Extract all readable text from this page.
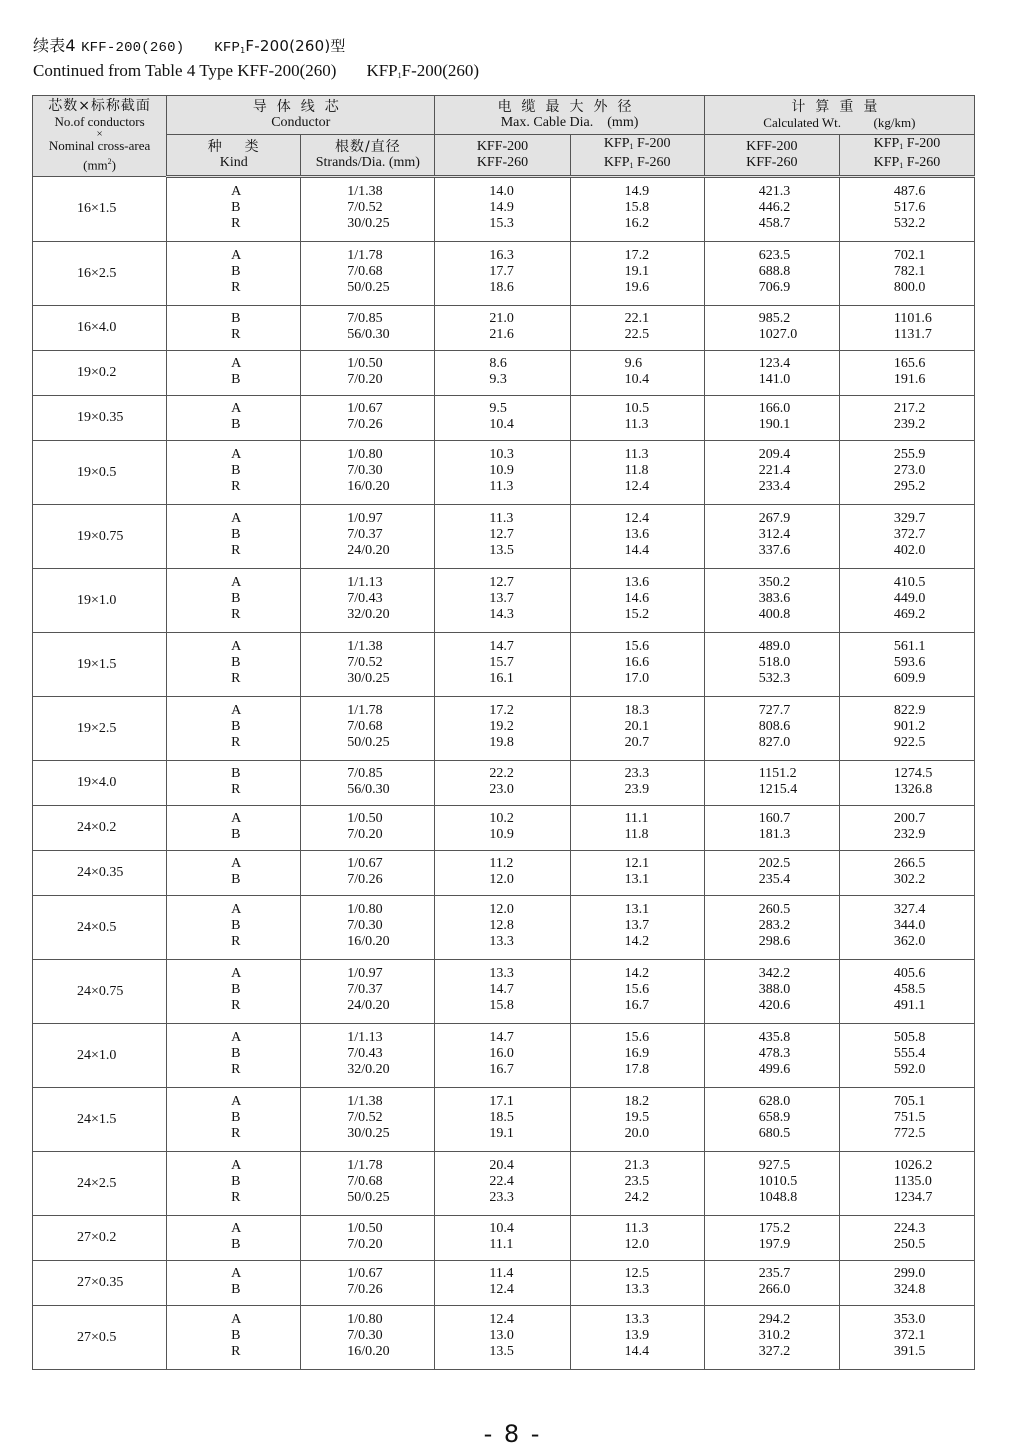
续表4 KFF-200(260) $KFP_1F-200(260)$型
Continued from Table 4 Type KFF-200(260) $KFP_1F-200(260)$
芯数×标称截面
No.of conductors
×
Nominal cross-area
$(mm^2)$	导体线芯
Conductor		电缆最大外径
Max. Cable Dia.    (mm)		计算重量
Calculated Wt.          (kg/km)	

	种    类
Kind	根数/直径
Strands/Dia. (mm)	KFF-200
KFF-260	$KFP_1$ F-200
$KFP_1$ F-260	KFF-200
KFF-260	$KFP_1$ F-200
$KFP_1$ F-260

16×1.5	A
B
R	1/1.38
7/0.52
30/0.25	14.0
14.9
15.3	14.9
15.8
16.2	421.3
446.2
458.7	487.6
517.6
532.2

16×2.5	A
B
R	1/1.78
7/0.68
50/0.25	16.3
17.7
18.6	17.2
19.1
19.6	623.5
688.8
706.9	702.1
782.1
800.0

16×4.0	B
R	7/0.85
56/0.30	21.0
21.6	22.1
22.5	985.2
1027.0	1101.6
1131.7

19×0.2	A
B	1/0.50
7/0.20	8.6
9.3	9.6
10.4	123.4
141.0	165.6
191.6

19×0.35	A
B	1/0.67
7/0.26	9.5
10.4	10.5
11.3	166.0
190.1	217.2
239.2

19×0.5	A
B
R	1/0.80
7/0.30
16/0.20	10.3
10.9
11.3	11.3
11.8
12.4	209.4
221.4
233.4	255.9
273.0
295.2

19×0.75	A
B
R	1/0.97
7/0.37
24/0.20	11.3
12.7
13.5	12.4
13.6
14.4	267.9
312.4
337.6	329.7
372.7
402.0

19×1.0	A
B
R	1/1.13
7/0.43
32/0.20	12.7
13.7
14.3	13.6
14.6
15.2	350.2
383.6
400.8	410.5
449.0
469.2

19×1.5	A
B
R	1/1.38
7/0.52
30/0.25	14.7
15.7
16.1	15.6
16.6
17.0	489.0
518.0
532.3	561.1
593.6
609.9

19×2.5	A
B
R	1/1.78
7/0.68
50/0.25	17.2
19.2
19.8	18.3
20.1
20.7	727.7
808.6
827.0	822.9
901.2
922.5

19×4.0	B
R	7/0.85
56/0.30	22.2
23.0	23.3
23.9	1151.2
1215.4	1274.5
1326.8

24×0.2	A
B	1/0.50
7/0.20	10.2
10.9	11.1
11.8	160.7
181.3	200.7
232.9

24×0.35	A
B	1/0.67
7/0.26	11.2
12.0	12.1
13.1	202.5
235.4	266.5
302.2

24×0.5	A
B
R	1/0.80
7/0.30
16/0.20	12.0
12.8
13.3	13.1
13.7
14.2	260.5
283.2
298.6	327.4
344.0
362.0

24×0.75	A
B
R	1/0.97
7/0.37
24/0.20	13.3
14.7
15.8	14.2
15.6
16.7	342.2
388.0
420.6	405.6
458.5
491.1

24×1.0	A
B
R	1/1.13
7/0.43
32/0.20	14.7
16.0
16.7	15.6
16.9
17.8	435.8
478.3
499.6	505.8
555.4
592.0

24×1.5	A
B
R	1/1.38
7/0.52
30/0.25	17.1
18.5
19.1	18.2
19.5
20.0	628.0
658.9
680.5	705.1
751.5
772.5

24×2.5	A
B
R	1/1.78
7/0.68
50/0.25	20.4
22.4
23.3	21.3
23.5
24.2	927.5
1010.5
1048.8	1026.2
1135.0
1234.7

27×0.2	A
B	1/0.50
7/0.20	10.4
11.1	11.3
12.0	175.2
197.9	224.3
250.5

27×0.35	A
B	1/0.67
7/0.26	11.4
12.4	12.5
13.3	235.7
266.0	299.0
324.8

27×0.5	A
B
R	1/0.80
7/0.30
16/0.20	12.4
13.0
13.5	13.3
13.9
14.4	294.2
310.2
327.2	353.0
372.1
391.5
- 8 -
